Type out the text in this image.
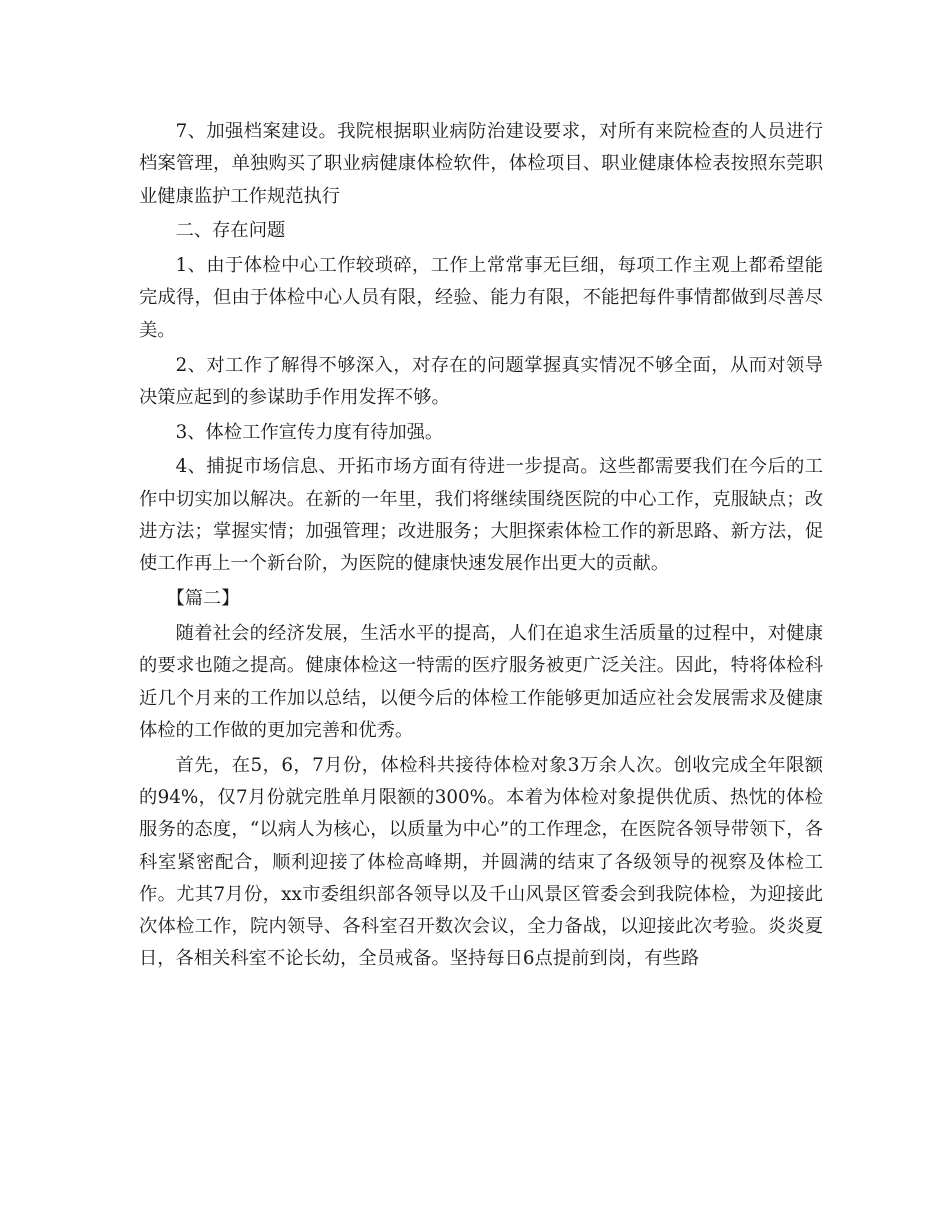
7、加强档案建设。我院根据职业病防治建设要求，对所有来院检查的人员进行档案管理，单独购买了职业病健康体检软件，体检项目、职业健康体检表按照东莞职业健康监护工作规范执行

二、存在问题

1、由于体检中心工作较琐碎，工作上常常事无巨细，每项工作主观上都希望能完成得，但由于体检中心人员有限，经验、能力有限，不能把每件事情都做到尽善尽美。

2、对工作了解得不够深入，对存在的问题掌握真实情况不够全面，从而对领导决策应起到的参谋助手作用发挥不够。

3、体检工作宣传力度有待加强。

4、捕捉市场信息、开拓市场方面有待进一步提高。这些都需要我们在今后的工作中切实加以解决。在新的一年里，我们将继续围绕医院的中心工作，克服缺点；改进方法；掌握实情；加强管理；改进服务；大胆探索体检工作的新思路、新方法，促使工作再上一个新台阶，为医院的健康快速发展作出更大的贡献。

【篇二】

随着社会的经济发展，生活水平的提高，人们在追求生活质量的过程中，对健康的要求也随之提高。健康体检这一特需的医疗服务被更广泛关注。因此，特将体检科近几个月来的工作加以总结，以便今后的体检工作能够更加适应社会发展需求及健康体检的工作做的更加完善和优秀。

首先，在5，6，7月份，体检科共接待体检对象3万余人次。创收完成全年限额的94%，仅7月份就完胜单月限额的300%。本着为体检对象提供优质、热忱的体检服务的态度，“以病人为核心，以质量为中心”的工作理念，在医院各领导带领下，各科室紧密配合，顺利迎接了体检高峰期，并圆满的结束了各级领导的视察及体检工作。尤其7月份，xx市委组织部各领导以及千山风景区管委会到我院体检，为迎接此次体检工作，院内领导、各科室召开数次会议，全力备战，以迎接此次考验。炎炎夏日，各相关科室不论长幼，全员戒备。坚持每日6点提前到岗，有些路
